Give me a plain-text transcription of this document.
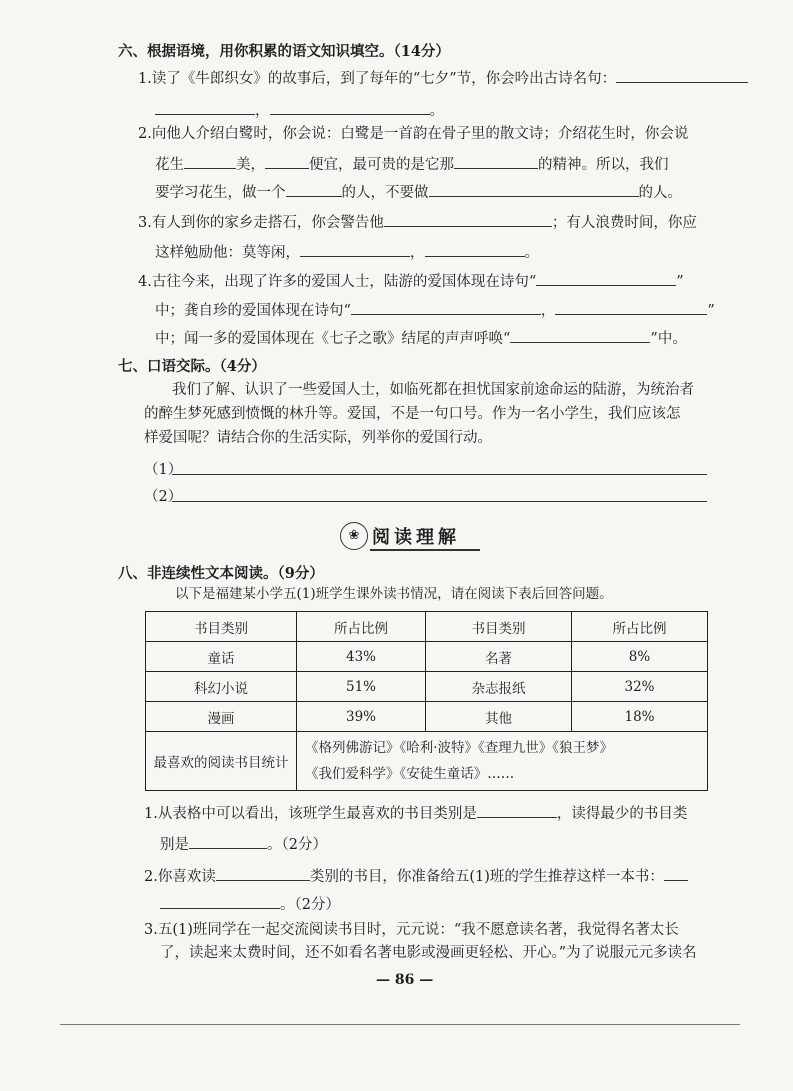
六、根据语境，用你积累的语文知识填空。（14分）
1.读了《牛郎织女》的故事后，到了每年的“七夕”节，你会吟出古诗名句：
，	。
2.向他人介绍白鹭时，你会说：白鹭是一首韵在骨子里的散文诗；介绍花生时，你会说
花生	美，	便宜，最可贵的是它那	的精神。所以，我们
要学习花生，做一个	的人，不要做	的人。
3.有人到你的家乡走搭石，你会警告他	；有人浪费时间，你应
这样勉励他：莫等闲，	，	。
4.古往今来，出现了许多的爱国人士，陆游的爱国体现在诗句“	”
中；龚自珍的爱国体现在诗句“	，	”
中；闻一多的爱国体现在《七子之歌》结尾的声声呼唤“	”中。
七、口语交际。（4分）
我们了解、认识了一些爱国人士，如临死都在担忧国家前途命运的陆游，为统治者
的醉生梦死感到愤慨的林升等。爱国，不是一句口号。作为一名小学生，我们应该怎
样爱国呢？请结合你的生活实际，列举你的爱国行动。
（1）
（2）
❀ 阅读理解
八、非连续性文本阅读。（9分）
以下是福建某小学五(1)班学生课外读书情况，请在阅读下表后回答问题。
书目类别	所占比例	书目类别	所占比例
童话	43%	名著	8%
科幻小说	51%	杂志报纸	32%
漫画	39%	其他	18%
最喜欢的阅读书目统计	《格列佛游记》《哈利·波特》《查理九世》《狼王梦》
《我们爱科学》《安徒生童话》……		
1.从表格中可以看出，该班学生最喜欢的书目类别是	，读得最少的书目类
别是	。（2分）
2.你喜欢读	类别的书目，你准备给五(1)班的学生推荐这样一本书：
。（2分）
3.五(1)班同学在一起交流阅读书目时，元元说：“我不愿意读名著，我觉得名著太长
了，读起来太费时间，还不如看名著电影或漫画更轻松、开心。”为了说服元元多读名
— 86 —
